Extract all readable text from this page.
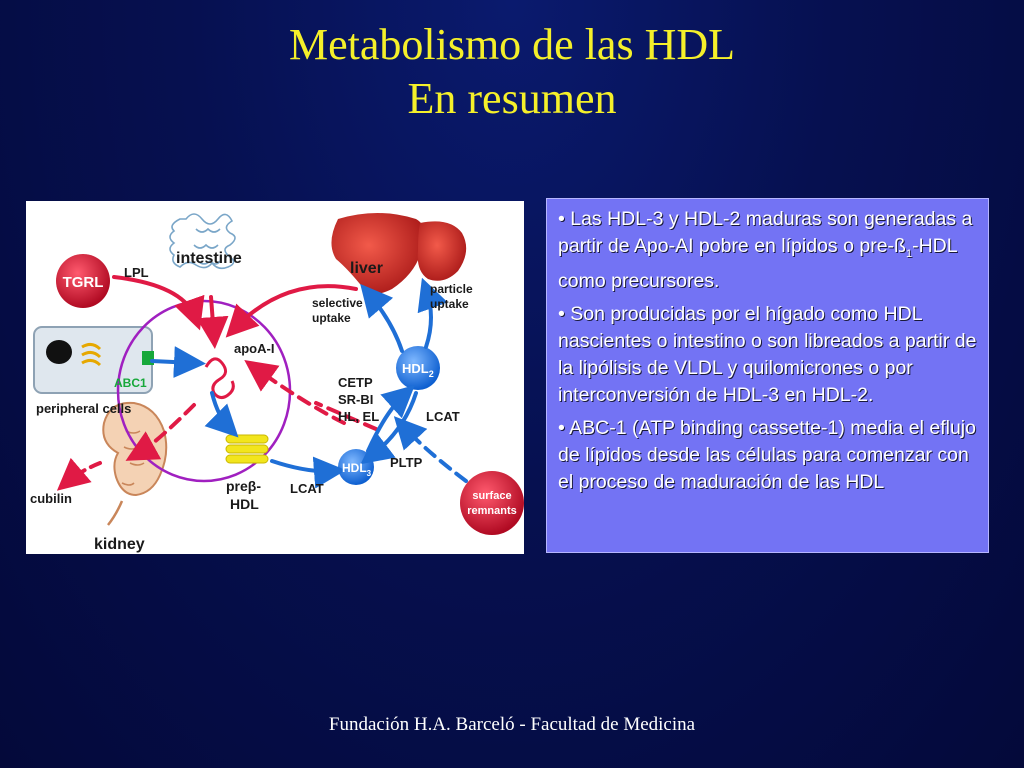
Metabolismo de las HDL
En resumen
intestine
liver
TGRL
LPL
apoA-I
ABC1
peripheral cells
selective
uptake
particle
uptake
$HDL_2$
$HDL_3$
CETP
SR-BI
HL, EL	LCAT
PLTP
LCAT
preβ-
HDL
cubilin
kidney
surface
remnants

• Las HDL-3 y HDL-2 maduras son generadas a partir de Apo-AI pobre en lípidos o pre-$ß_1$-HDL como precursores.

• Son producidas por el hígado como HDL nascientes o intestino o son libreados a partir de la lipólisis de VLDL y quilomicrones o por interconversión de HDL-3 en HDL-2.

• ABC-1 (ATP binding cassette-1) media el eflujo de lípidos desde las células para comenzar con el proceso de maduración de las HDL

Fundación H.A. Barceló - Facultad de Medicina
